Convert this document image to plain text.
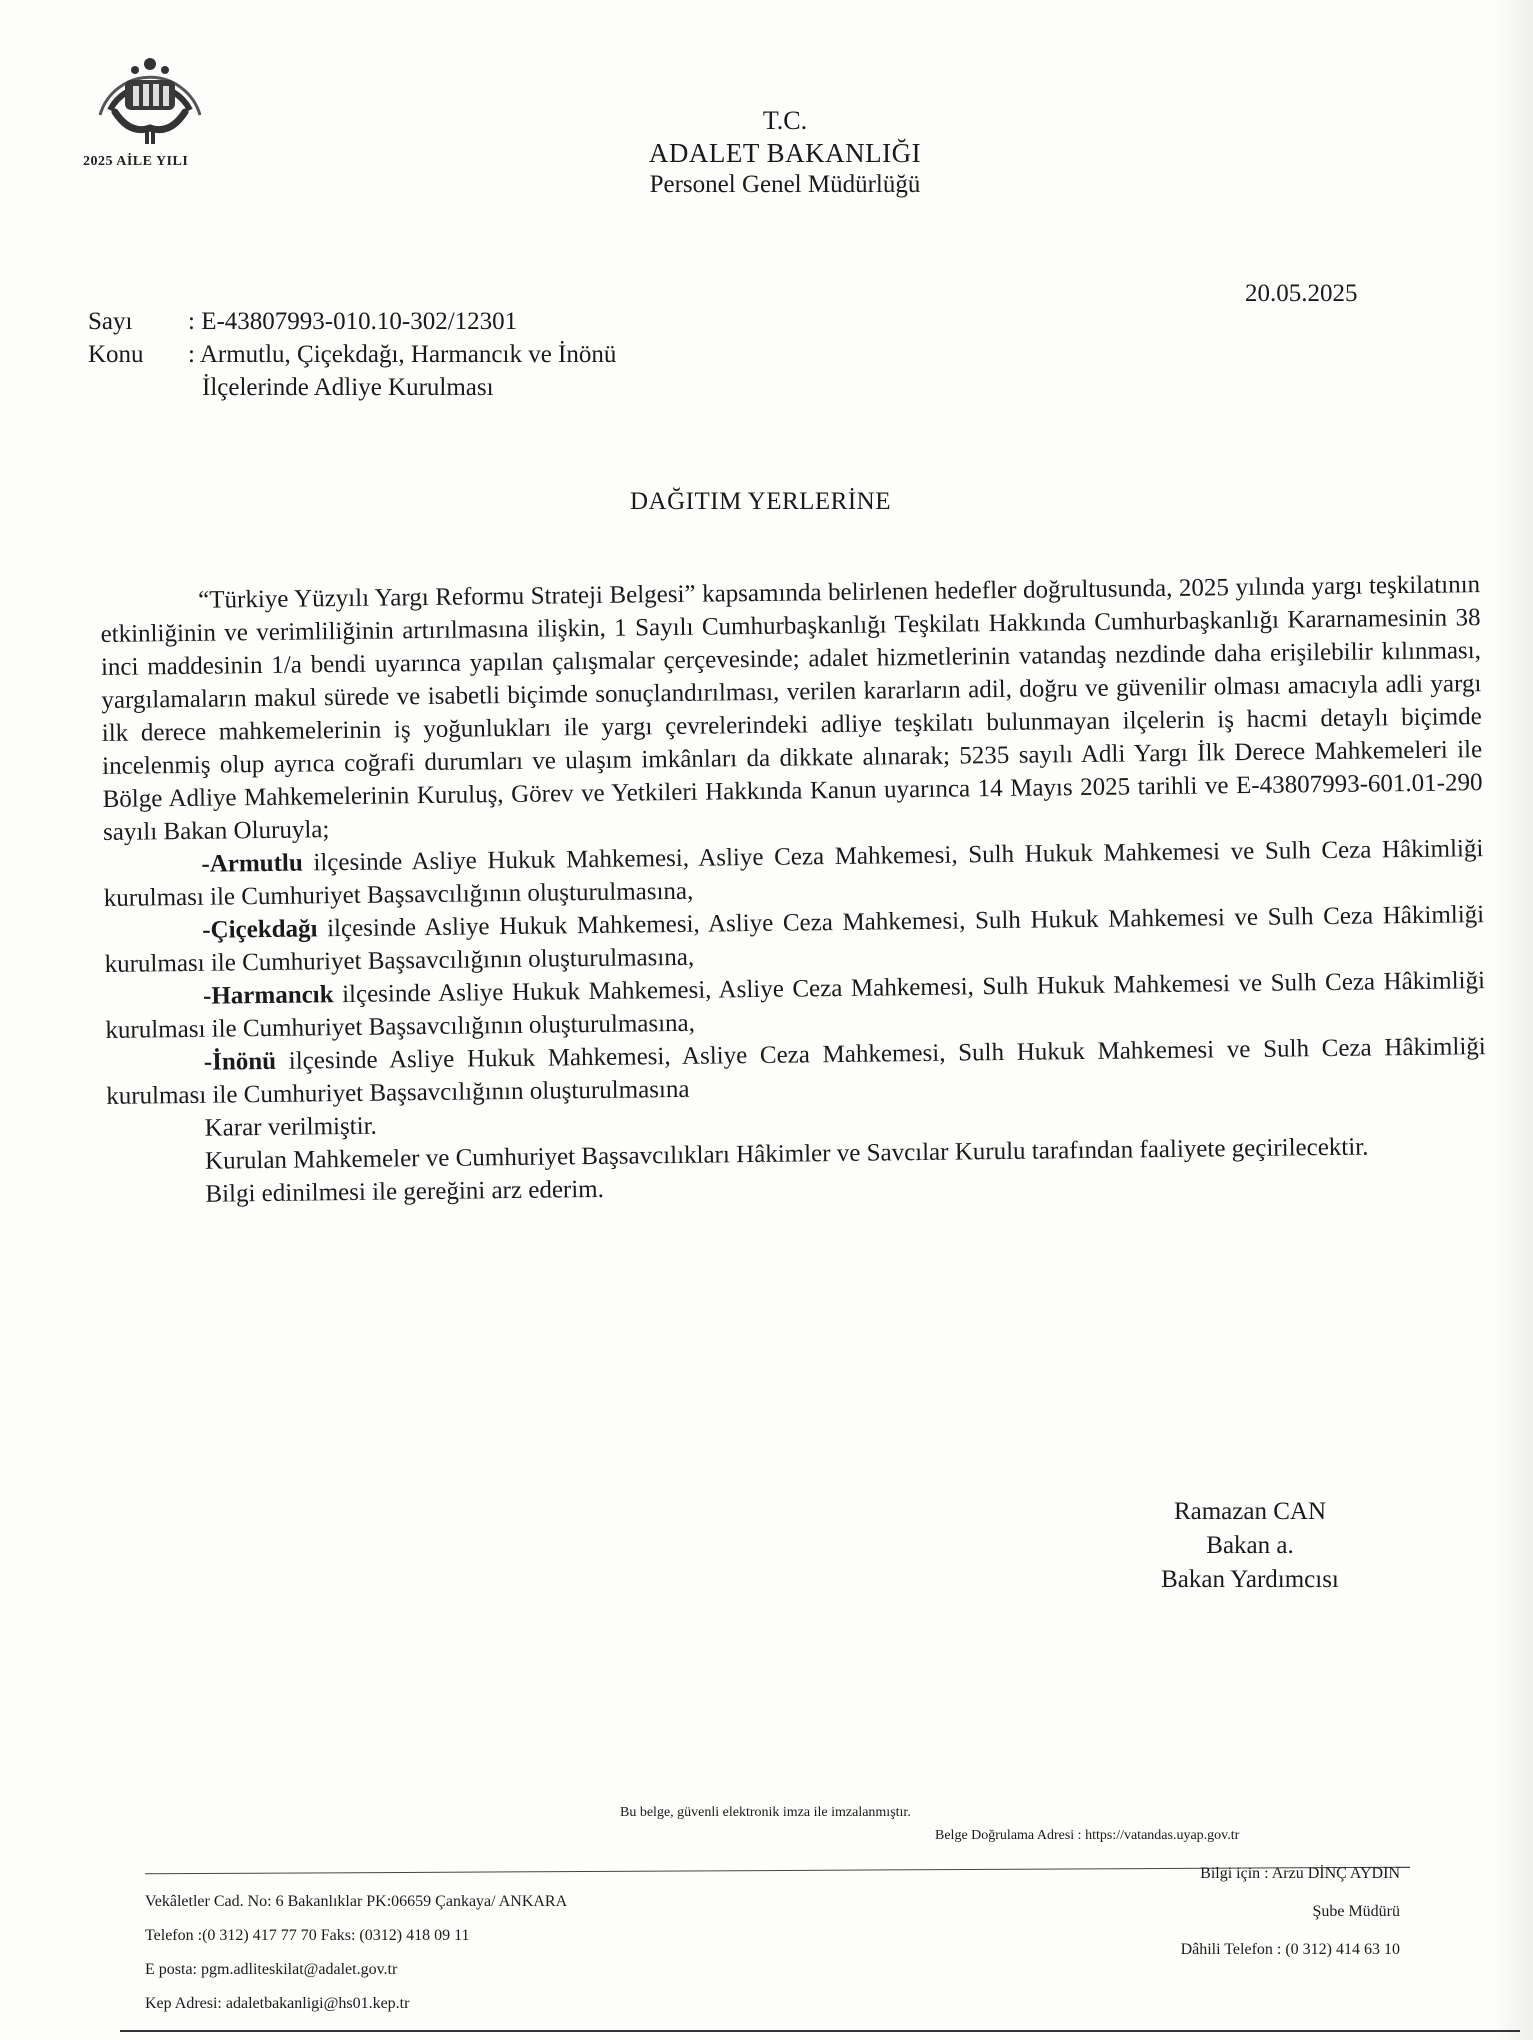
2025 AİLE YILI
T.C.
ADALET BAKANLIĞI
Personel Genel Müdürlüğü
20.05.2025
Sayı	: E-43807993-010.10-302/12301
Konu	: Armutlu, Çiçekdağı, Harmancık ve İnönü
İlçelerinde Adliye Kurulması
DAĞITIM YERLERİNE

“Türkiye Yüzyılı Yargı Reformu Strateji Belgesi” kapsamında belirlenen hedefler doğrultusunda, 2025 yılında yargı teşkilatının etkinliğinin ve verimliliğinin artırılmasına ilişkin, 1 Sayılı Cumhurbaşkanlığı Teşkilatı Hakkında Cumhurbaşkanlığı Kararnamesinin 38 inci maddesinin 1/a bendi uyarınca yapılan çalışmalar çerçevesinde; adalet hizmetlerinin vatandaş nezdinde daha erişilebilir kılınması, yargılamaların makul sürede ve isabetli biçimde sonuçlandırılması, verilen kararların adil, doğru ve güvenilir olması amacıyla adli yargı ilk derece mahkemelerinin iş yoğunlukları ile yargı çevrelerindeki adliye teşkilatı bulunmayan ilçelerin iş hacmi detaylı biçimde incelenmiş olup ayrıca coğrafi durumları ve ulaşım imkânları da dikkate alınarak; 5235 sayılı Adli Yargı İlk Derece Mahkemeleri ile Bölge Adliye Mahkemelerinin Kuruluş, Görev ve Yetkileri Hakkında Kanun uyarınca 14 Mayıs 2025 tarihli ve E-43807993-601.01-290 sayılı Bakan Oluruyla;

-Armutlu ilçesinde Asliye Hukuk Mahkemesi, Asliye Ceza Mahkemesi, Sulh Hukuk Mahkemesi ve Sulh Ceza Hâkimliği kurulması ile Cumhuriyet Başsavcılığının oluşturulmasına,

-Çiçekdağı ilçesinde Asliye Hukuk Mahkemesi, Asliye Ceza Mahkemesi, Sulh Hukuk Mahkemesi ve Sulh Ceza Hâkimliği kurulması ile Cumhuriyet Başsavcılığının oluşturulmasına,

-Harmancık ilçesinde Asliye Hukuk Mahkemesi, Asliye Ceza Mahkemesi, Sulh Hukuk Mahkemesi ve Sulh Ceza Hâkimliği kurulması ile Cumhuriyet Başsavcılığının oluşturulmasına,

-İnönü ilçesinde Asliye Hukuk Mahkemesi, Asliye Ceza Mahkemesi, Sulh Hukuk Mahkemesi ve Sulh Ceza Hâkimliği kurulması ile Cumhuriyet Başsavcılığının oluşturulmasına

Karar verilmiştir.

Kurulan Mahkemeler ve Cumhuriyet Başsavcılıkları Hâkimler ve Savcılar Kurulu tarafından faaliyete geçirilecektir.

Bilgi edinilmesi ile gereğini arz ederim.

Ramazan CAN
Bakan a.
Bakan Yardımcısı
Bu belge, güvenli elektronik imza ile imzalanmıştır.
Belge Doğrulama Adresi : https://vatandas.uyap.gov.tr
Vekâletler Cad. No: 6 Bakanlıklar PK:06659 Çankaya/ ANKARA
Telefon :(0 312) 417 77 70 Faks: (0312) 418 09 11
E posta: pgm.adliteskilat@adalet.gov.tr
Kep Adresi: adaletbakanligi@hs01.kep.tr
Bilgi için : Arzu DİNÇ AYDIN
Şube Müdürü
Dâhili Telefon : (0 312) 414 63 10
